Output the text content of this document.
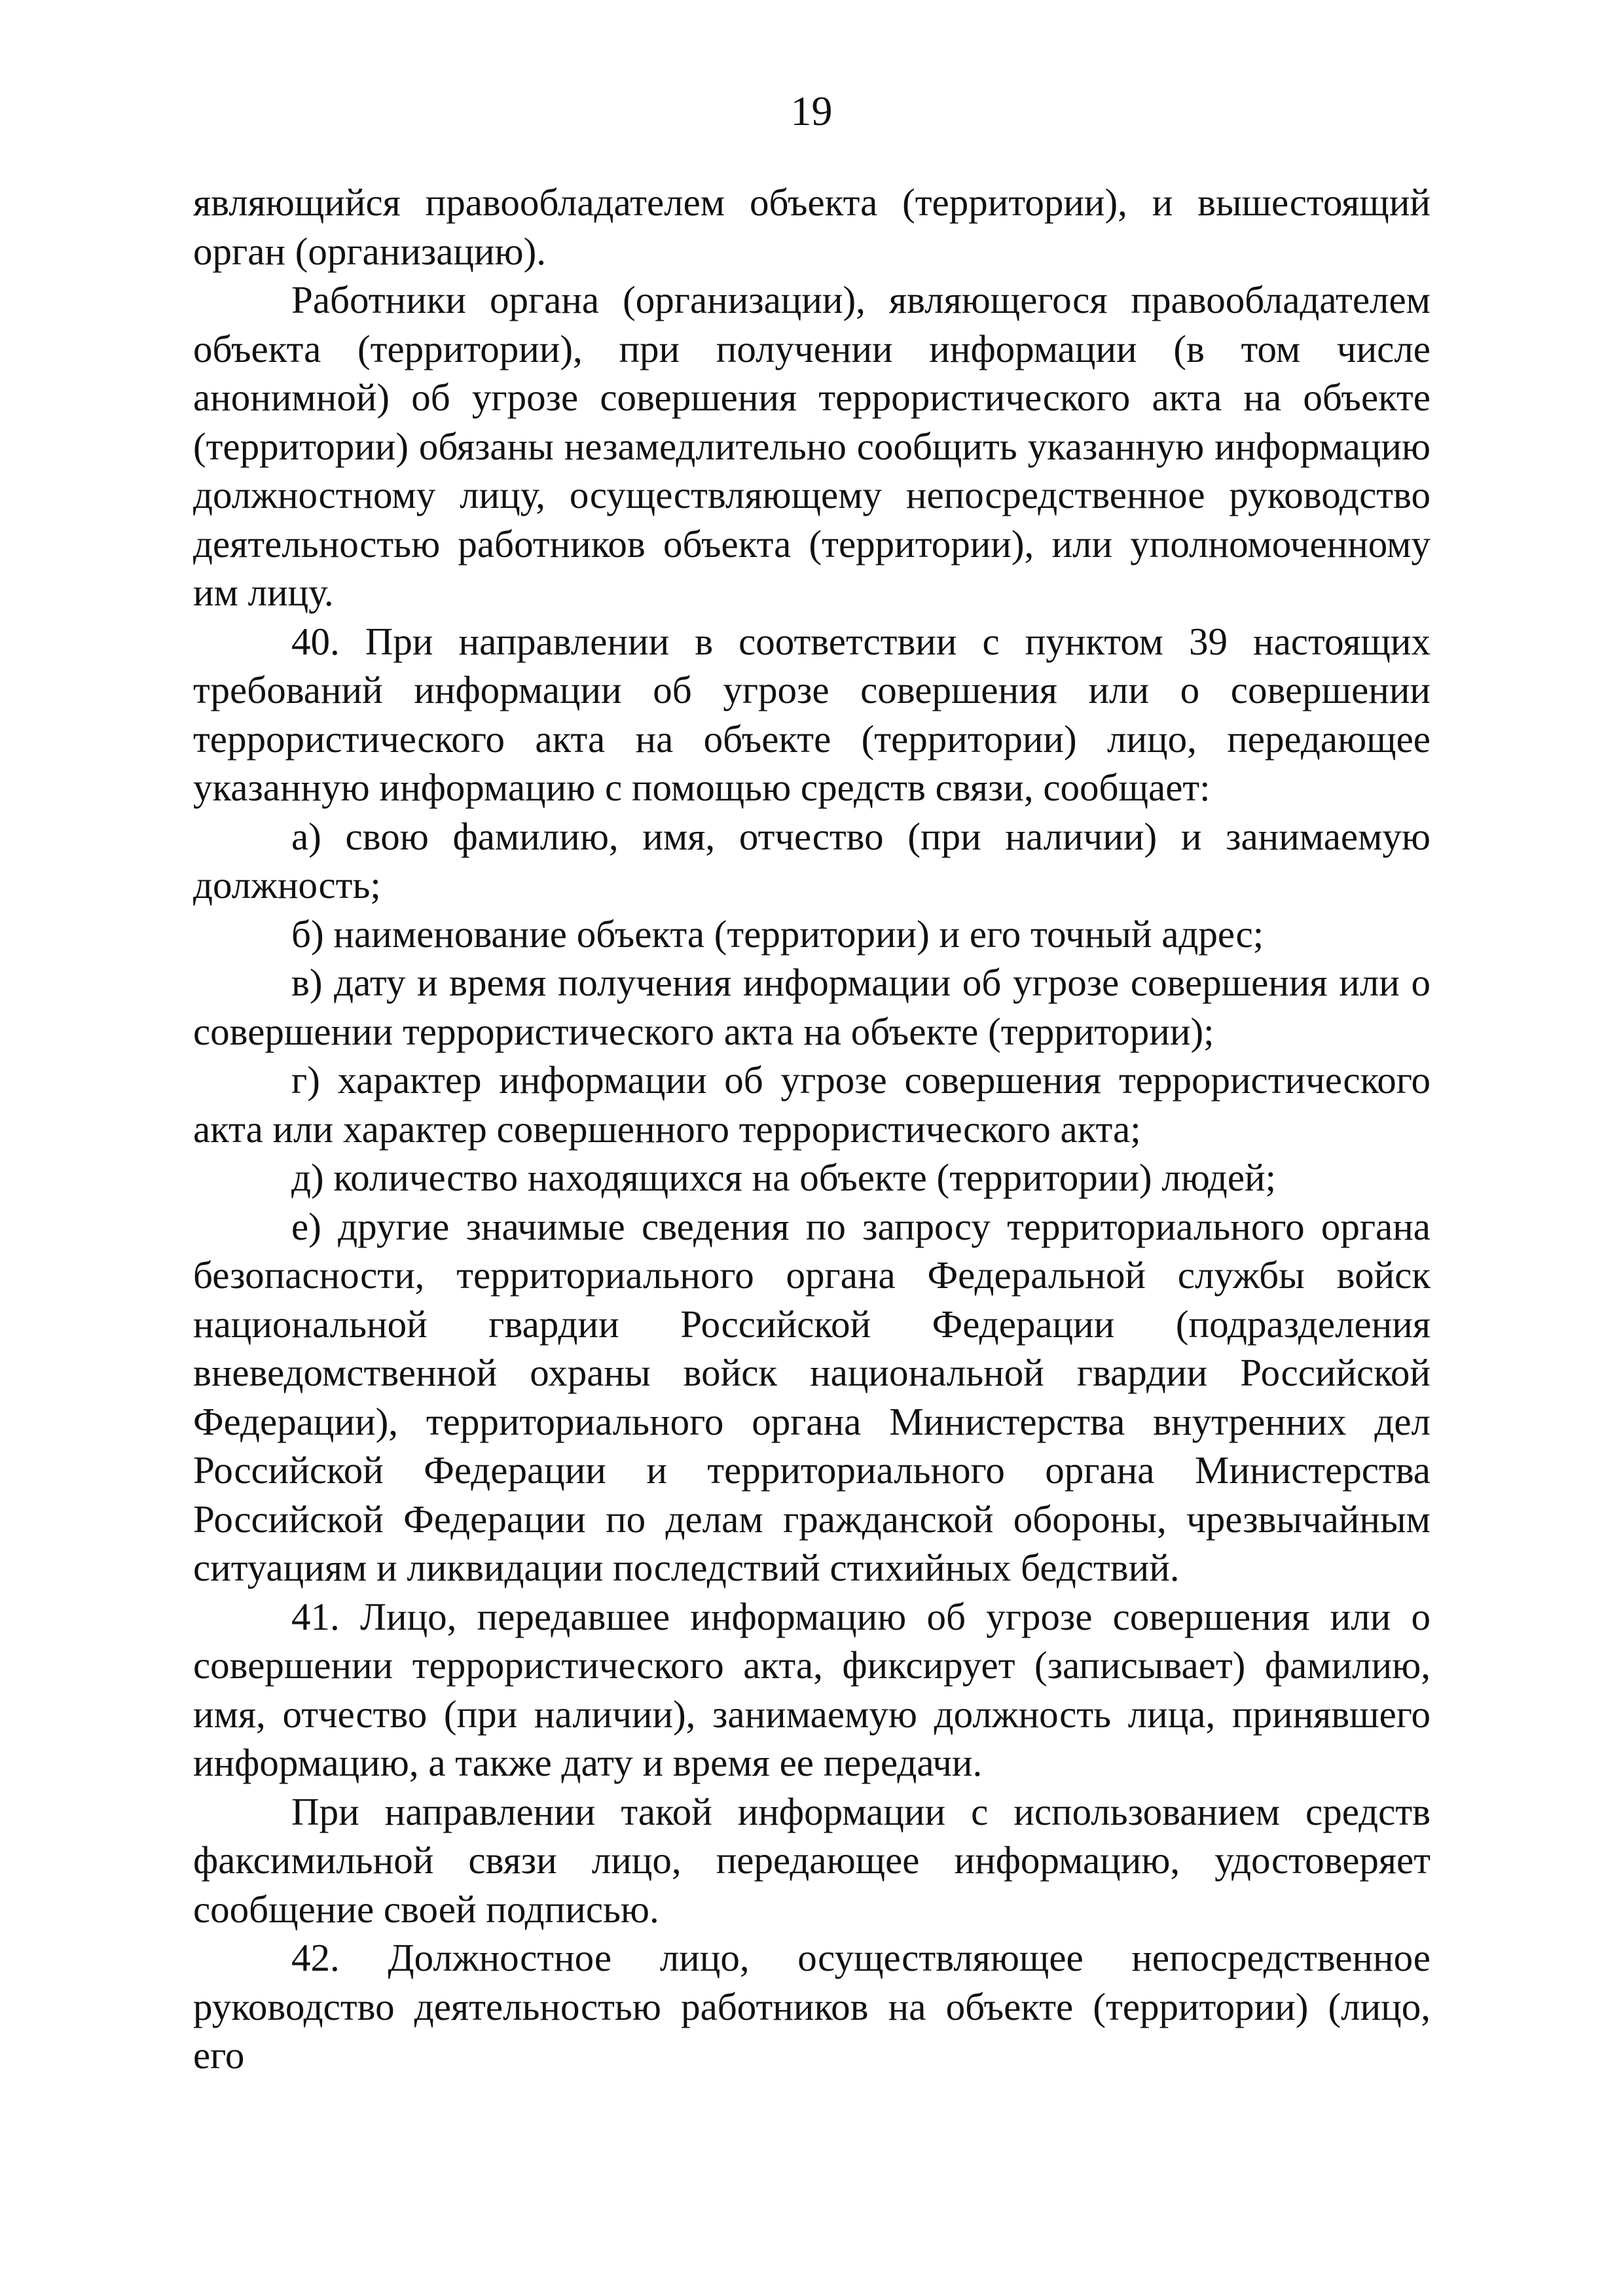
19

являющийся правообладателем объекта (территории), и вышестоящий орган (организацию).

Работники органа (организации), являющегося правообладателем объекта (территории), при получении информации (в том числе анонимной) об угрозе совершения террористического акта на объекте (территории) обязаны незамедлительно сообщить указанную информацию должностному лицу, осуществляющему непосредственное руководство деятельностью работников объекта (территории), или уполномоченному им лицу.

40. При направлении в соответствии с пунктом 39 настоящих требований информации об угрозе совершения или о совершении террористического акта на объекте (территории) лицо, передающее указанную информацию с помощью средств связи, сообщает:

а) свою фамилию, имя, отчество (при наличии) и занимаемую должность;

б) наименование объекта (территории) и его точный адрес;

в) дату и время получения информации об угрозе совершения или о совершении террористического акта на объекте (территории);

г) характер информации об угрозе совершения террористического акта или характер совершенного террористического акта;

д) количество находящихся на объекте (территории) людей;

е) другие значимые сведения по запросу территориального органа безопасности, территориального органа Федеральной службы войск национальной гвардии Российской Федерации (подразделения вневедомственной охраны войск национальной гвардии Российской Федерации), территориального органа Министерства внутренних дел Российской Федерации и территориального органа Министерства Российской Федерации по делам гражданской обороны, чрезвычайным ситуациям и ликвидации последствий стихийных бедствий.

41. Лицо, передавшее информацию об угрозе совершения или о совершении террористического акта, фиксирует (записывает) фамилию, имя, отчество (при наличии), занимаемую должность лица, принявшего информацию, а также дату и время ее передачи.

При направлении такой информации с использованием средств факсимильной связи лицо, передающее информацию, удостоверяет сообщение своей подписью.

42. Должностное лицо, осуществляющее непосредственное руководство деятельностью работников на объекте (территории) (лицо, его
